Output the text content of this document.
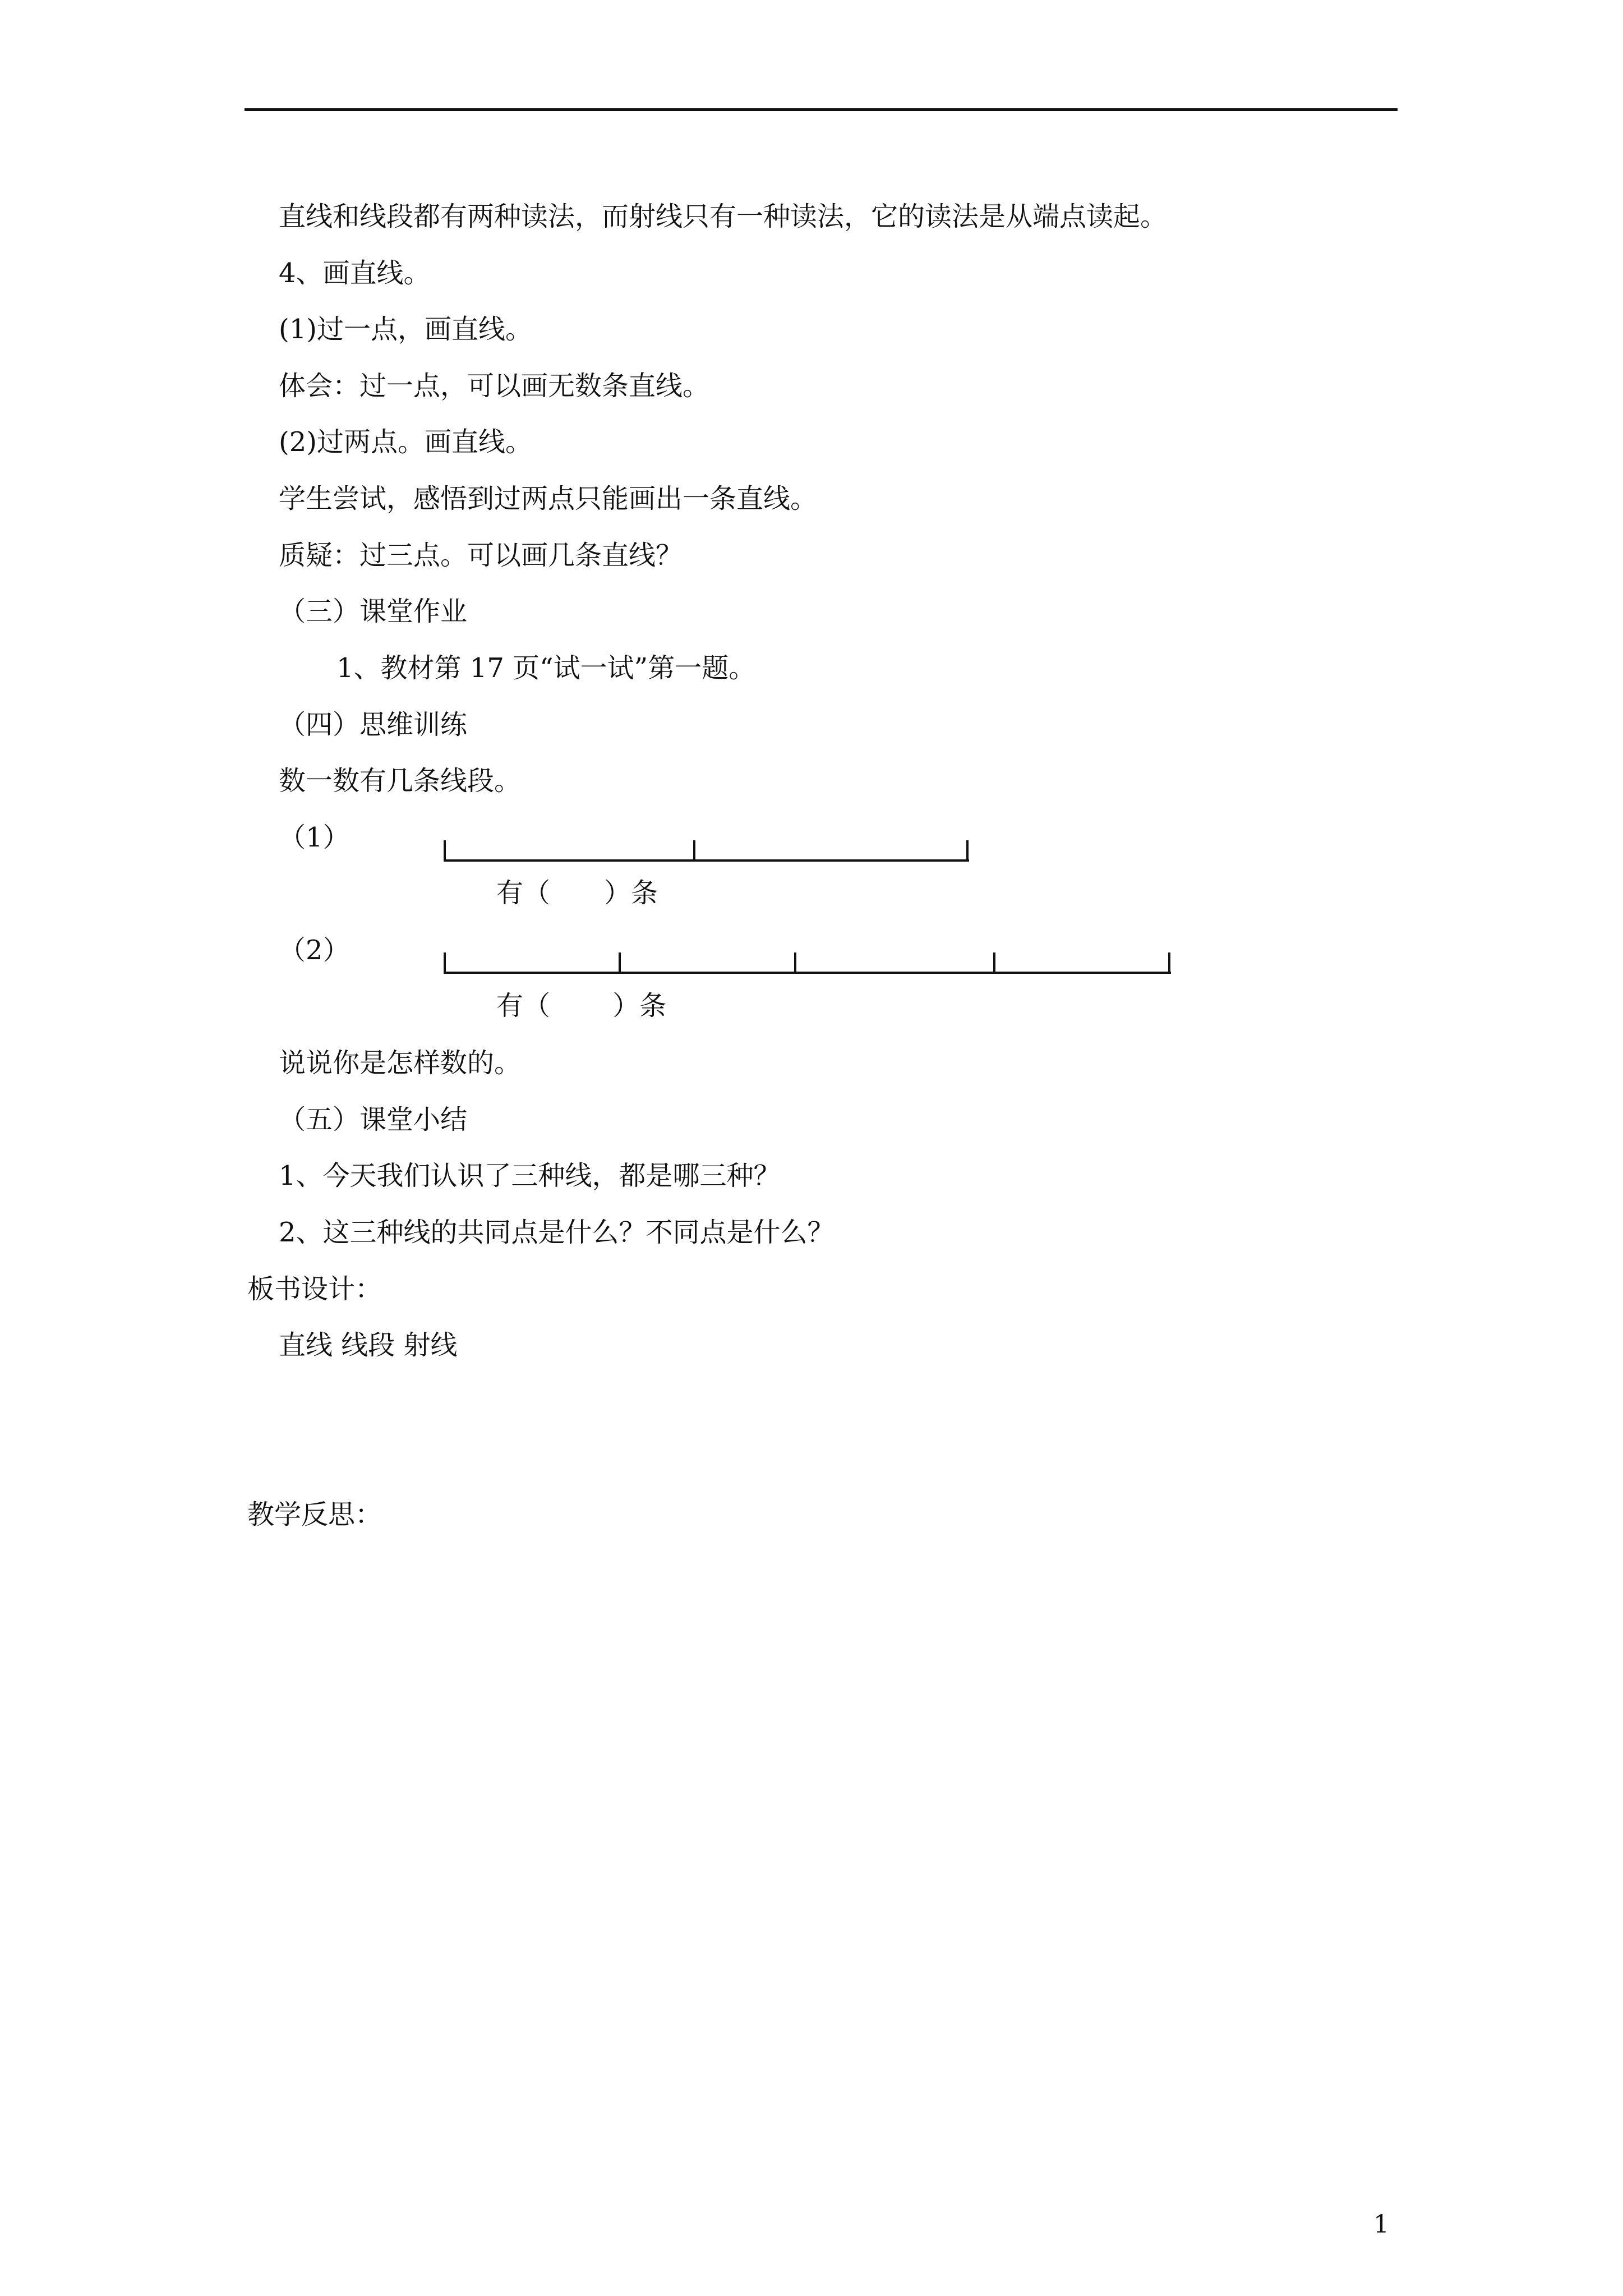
直线和线段都有两种读法，而射线只有一种读法，它的读法是从端点读起。
4、画直线。
(1)过一点，画直线。
体会：过一点，可以画无数条直线。
(2)过两点。画直线。
学生尝试，感悟到过两点只能画出一条直线。
质疑：过三点。可以画几条直线？
（三）课堂作业
1、教材第 17 页“试一试”第一题。
（四）思维训练
数一数有几条线段。
（1）
有（　　）条
（2）
有（　　 ）条
说说你是怎样数的。
（五）课堂小结
1、今天我们认识了三种线，都是哪三种？
2、这三种线的共同点是什么？不同点是什么？
板书设计：
直线 线段 射线
教学反思：
1
